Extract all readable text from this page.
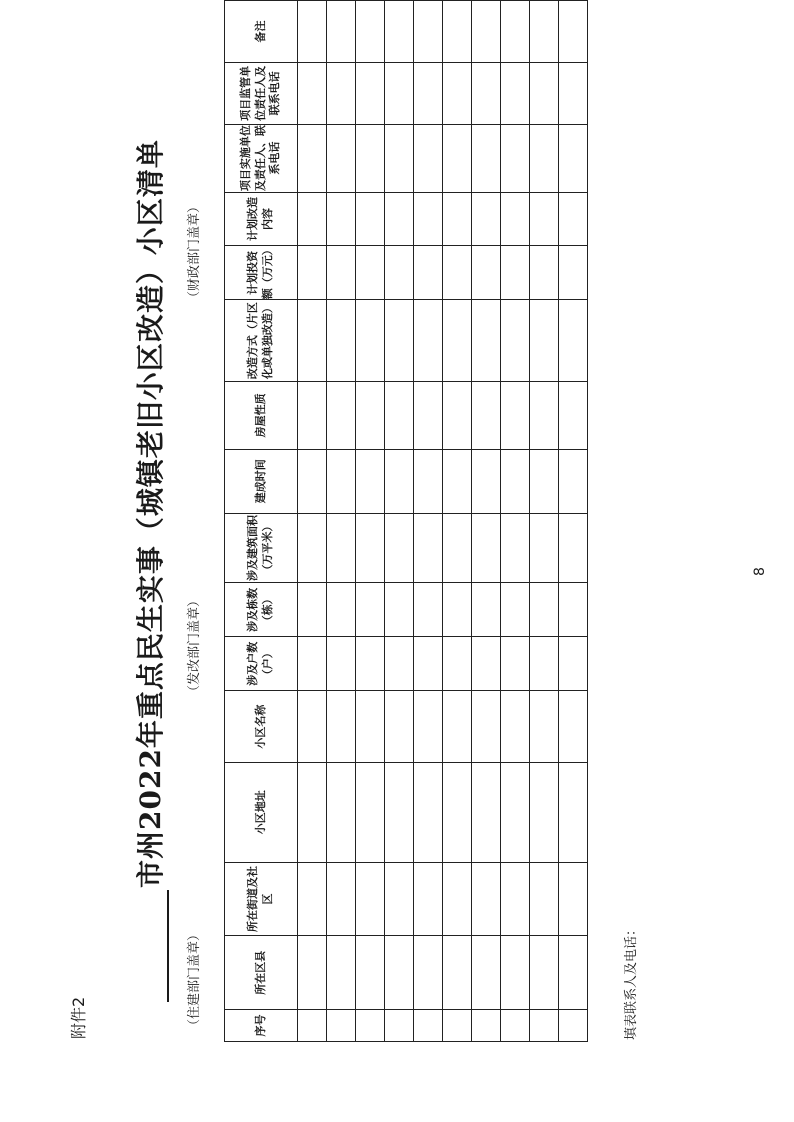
附件2
市州2022年重点民生实事（城镇老旧小区改造）小区清单
（住建部门盖章）
（发改部门盖章）
（财政部门盖章）
序号	所在区县	所在街道及社区	小区地址	小区名称	涉及户数（户）	涉及栋数（栋）	涉及建筑面积（万平米）	建成时间	房屋性质	改造方式（片区化或单独改造）	计划投资额（万元）	计划改造内容	项目实施单位及责任人、联系电话	项目监管单位责任人及联系电话	备注

填表联系人及电话：
8
